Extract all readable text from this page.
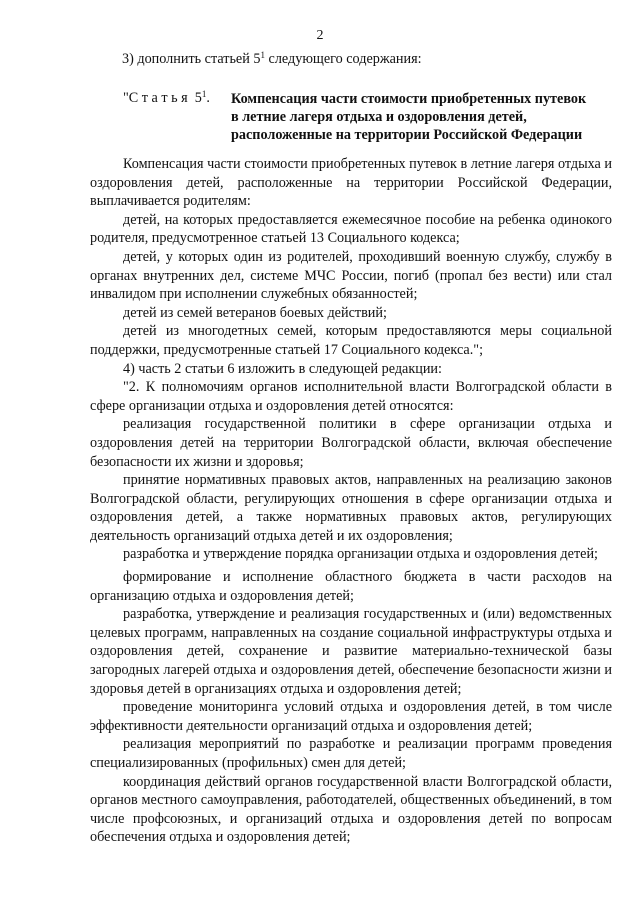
2
3) дополнить статьей $5^1$ следующего содержания:
"С т а т ь я  $5^1$. Компенсация части стоимости приобретенных путевок
в летние лагеря отдыха и оздоровления детей,
расположенные на территории Российской Федерации

Компенсация части стоимости приобретенных путевок в летние лагеря отдыха и оздоровления детей, расположенные на территории Российской Федерации, выплачивается родителям:

детей, на которых предоставляется ежемесячное пособие на ребенка одинокого родителя, предусмотренное статьей 13 Социального кодекса;

детей, у которых один из родителей, проходивший военную службу, службу в органах внутренних дел, системе МЧС России, погиб (пропал без вести) или стал инвалидом при исполнении служебных обязанностей;

детей из семей ветеранов боевых действий;

детей из многодетных семей, которым предоставляются меры социальной поддержки, предусмотренные статьей 17 Социального кодекса.";

4) часть 2 статьи 6 изложить в следующей редакции:

"2. К полномочиям органов исполнительной власти Волгоградской области в сфере организации отдыха и оздоровления детей относятся:

реализация государственной политики в сфере организации отдыха и оздоровления детей на территории Волгоградской области, включая обеспечение безопасности их жизни и здоровья;

принятие нормативных правовых актов, направленных на реализацию законов Волгоградской области, регулирующих отношения в сфере организации отдыха и оздоровления детей, а также нормативных правовых актов, регулирующих деятельность организаций отдыха детей и их оздоровления;

разработка и утверждение порядка организации отдыха и оздоровления детей;

формирование и исполнение областного бюджета в части расходов на организацию отдыха и оздоровления детей;

разработка, утверждение и реализация государственных и (или) ведомственных целевых программ, направленных на создание социальной инфраструктуры отдыха и оздоровления детей, сохранение и развитие материально-технической базы загородных лагерей отдыха и оздоровления детей, обеспечение безопасности жизни и здоровья детей в организациях отдыха и оздоровления детей;

проведение мониторинга условий отдыха и оздоровления детей, в том числе эффективности деятельности организаций отдыха и оздоровления детей;

реализация мероприятий по разработке и реализации программ проведения специализированных (профильных) смен для детей;

координация действий органов государственной власти Волгоградской области, органов местного самоуправления, работодателей, общественных объединений, в том числе профсоюзных, и организаций отдыха и оздоровления детей по вопросам обеспечения отдыха и оздоровления детей;
